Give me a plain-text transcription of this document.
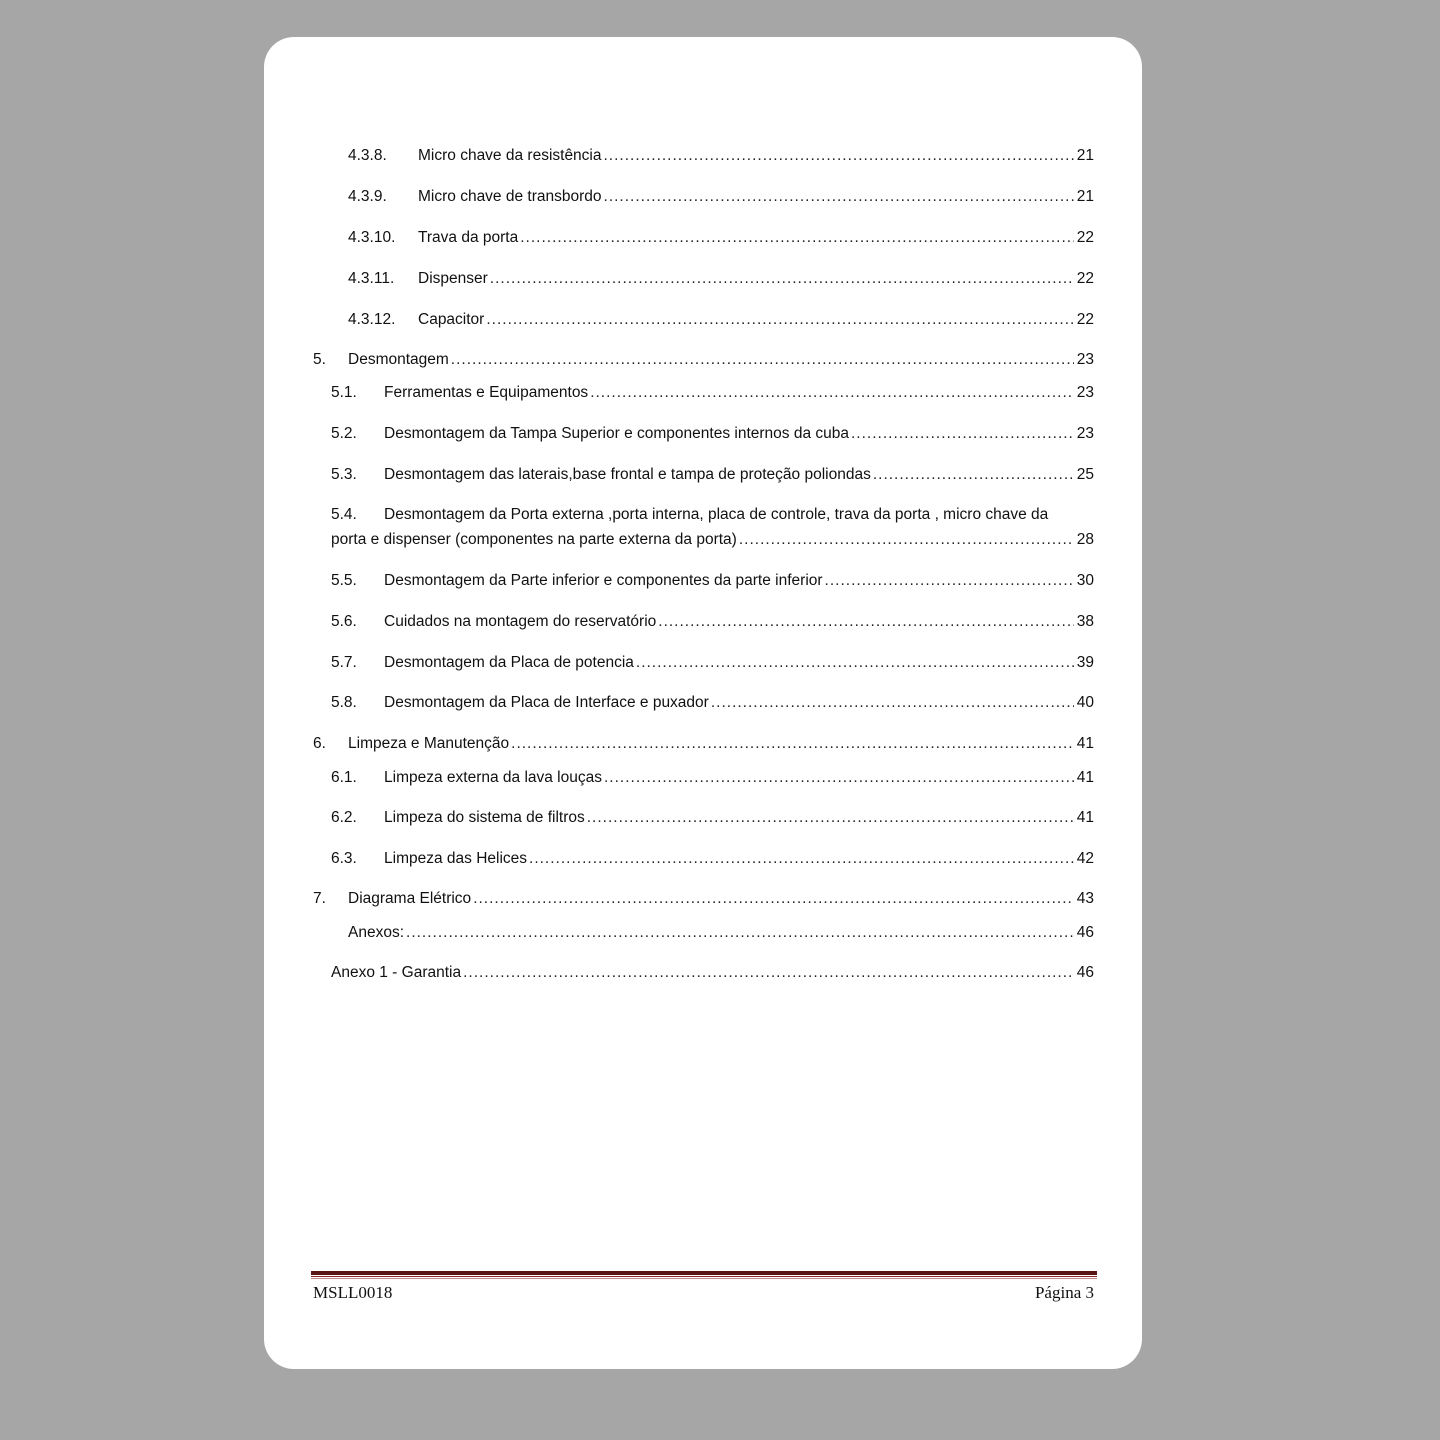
4.3.8.	Micro chave da resistência .....	21
4.3.9.	Micro chave de transbordo .....	21
4.3.10.	Trava da porta .....	22
4.3.11.	Dispenser .....	22
4.3.12.	Capacitor .....	22
5.	Desmontagem .....	23
5.1.	Ferramentas e Equipamentos .....	23
5.2.	Desmontagem da Tampa Superior e componentes internos da cuba .....	23
5.3.	Desmontagem das laterais,base frontal e tampa de proteção poliondas .....	25
5.4.	Desmontagem da Porta externa ,porta interna, placa de controle, trava da porta , micro chave da
porta e dispenser (componentes na parte externa da porta) .....	28
5.5.	Desmontagem da Parte inferior e componentes da parte inferior .....	30
5.6.	Cuidados na montagem do reservatório .....	38
5.7.	Desmontagem da Placa de potencia .....	39
5.8.	Desmontagem da Placa de Interface e puxador .....	40
6.	Limpeza e Manutenção .....	41
6.1.	Limpeza externa da lava louças .....	41
6.2.	Limpeza do sistema de filtros .....	41
6.3.	Limpeza das Helices .....	42
7.	Diagrama Elétrico .....	43
Anexos: .....	46
Anexo 1 - Garantia .....	46
MSLL0018	Página 3
